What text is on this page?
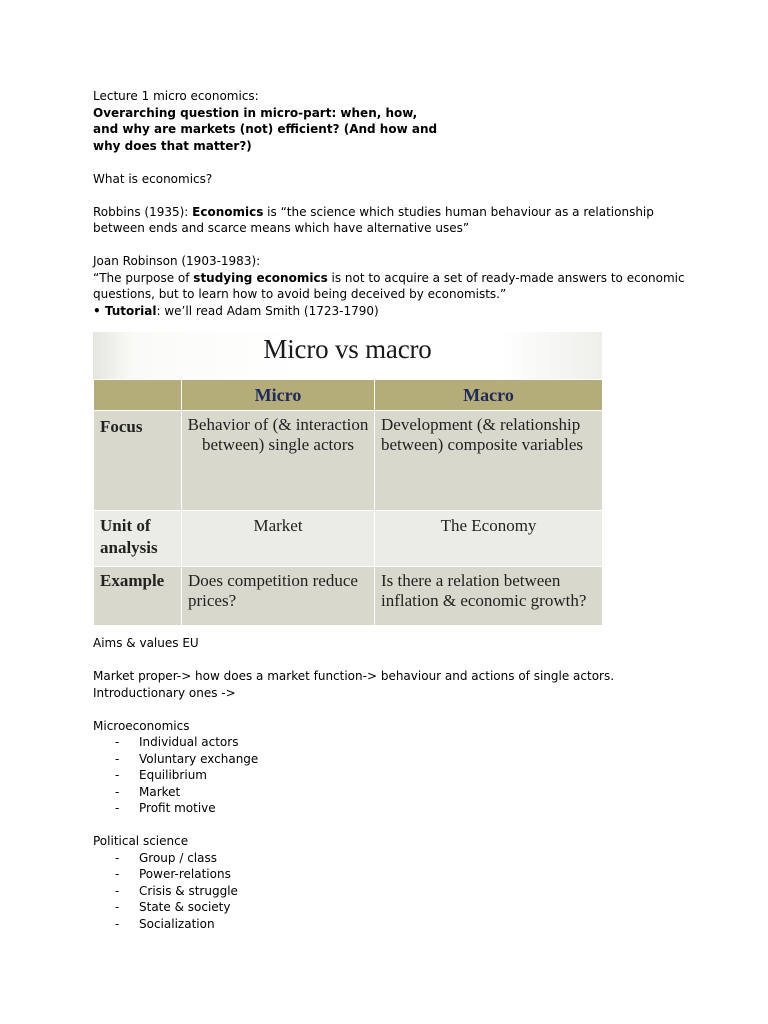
Lecture 1 micro economics:

Overarching question in micro-part: when, how,
and why are markets (not) efficient? (And how and
why does that matter?)

What is economics?

Robbins (1935): Economics is “the science which studies human behaviour as a relationship between ends and scarce means which have alternative uses”

Joan Robinson (1903-1983):

“The purpose of studying economics is not to acquire a set of ready-made answers to economic questions, but to learn how to avoid being deceived by economists.”

• Tutorial: we’ll read Adam Smith (1723-1790)

Micro vs macro
	Micro	Macro
Focus	Behavior of (& interaction between) single actors	Development (& relationship between) composite variables
Unit of analysis	Market	The Economy
Example	Does competition reduce prices?	Is there a relation between inflation & economic growth?

Aims & values EU

Market proper-> how does a market function-> behaviour and actions of single actors.

Introductionary ones ->

Microeconomics

- Individual actors
- Voluntary exchange
- Equilibrium
- Market
- Profit motive

Political science

- Group / class
- Power-relations
- Crisis & struggle
- State & society
- Socialization
